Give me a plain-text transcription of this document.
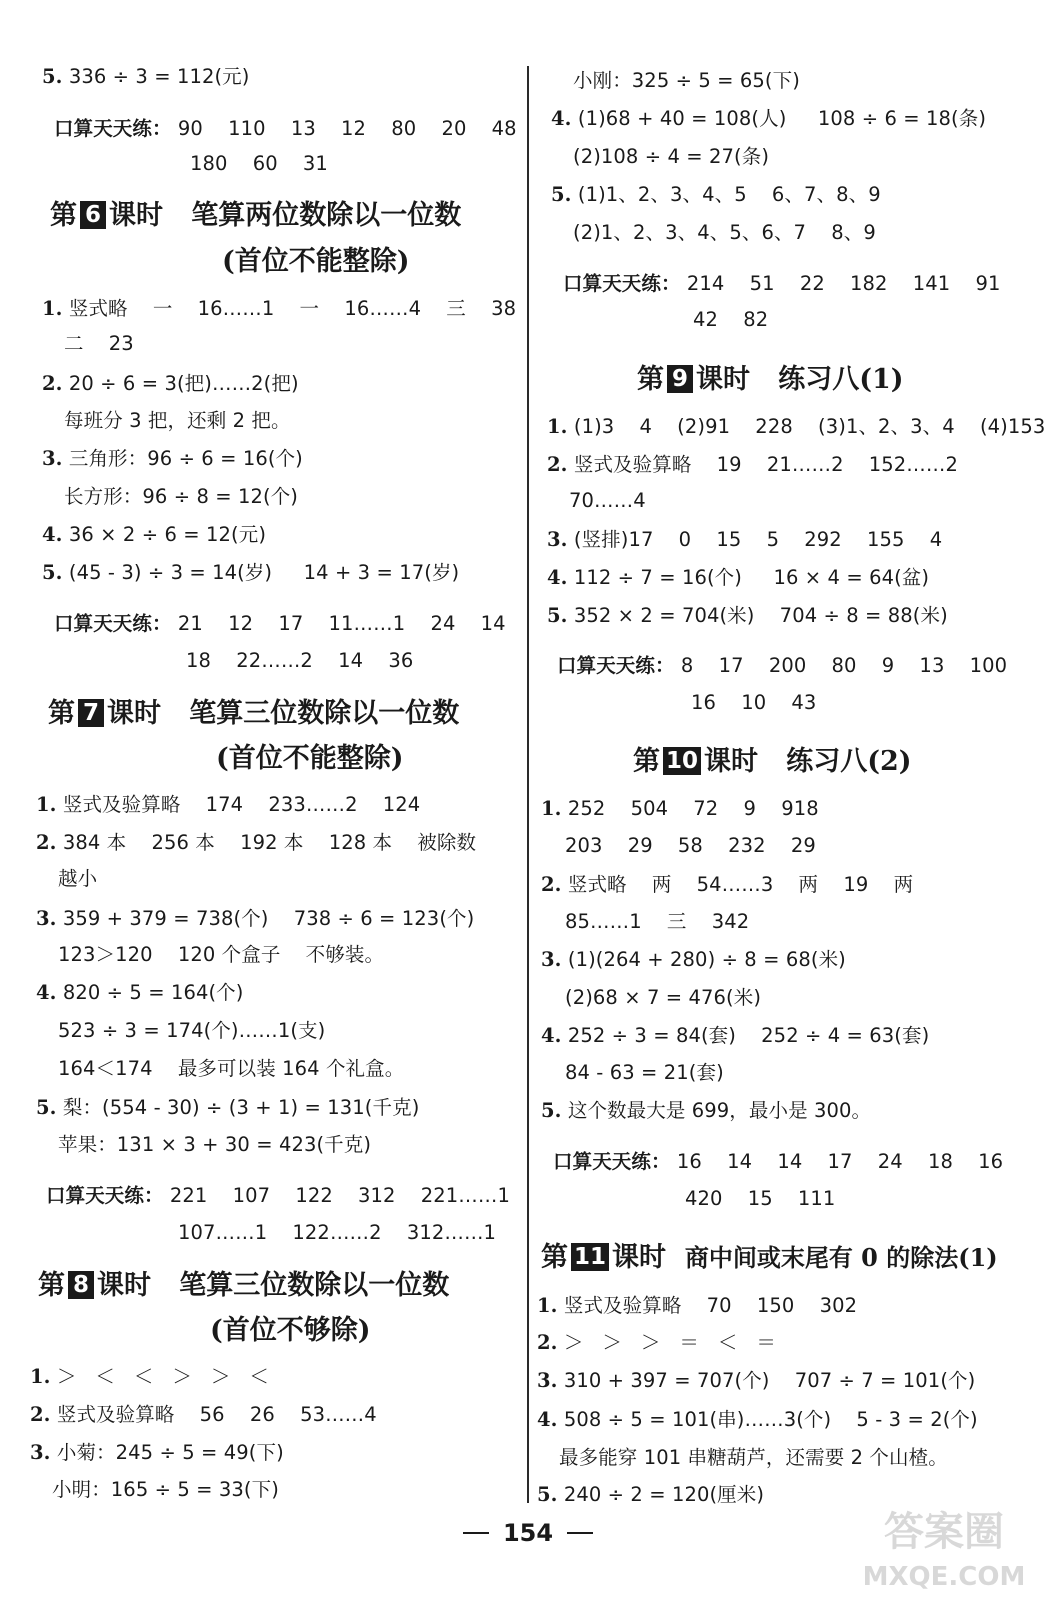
5. 336 ÷ 3 = 112(元)
口算天天练： 90    110    13    12    80    20    48
180    60    31
第 6 课时 笔算两位数除以一位数
(首位不能整除)
1. 竖式略    一    16……1    一    16……4    三    38
二    23
2. 20 ÷ 6 = 3(把)……2(把)
每班分 3 把，还剩 2 把。
3. 三角形：96 ÷ 6 = 16(个)
长方形：96 ÷ 8 = 12(个)
4. 36 × 2 ÷ 6 = 12(元)
5. (45 - 3) ÷ 3 = 14(岁)     14 + 3 = 17(岁)
口算天天练： 21    12    17    11……1    24    14
18    22……2    14    36
第 7 课时 笔算三位数除以一位数
(首位不能整除)
1. 竖式及验算略    174    233……2    124
2. 384 本    256 本    192 本    128 本    被除数
越小
3. 359 + 379 = 738(个)    738 ÷ 6 = 123(个)
123＞120    120 个盒子    不够装。
4. 820 ÷ 5 = 164(个)
523 ÷ 3 = 174(个)……1(支)
164＜174    最多可以装 164 个礼盒。
5. 梨：(554 - 30) ÷ (3 + 1) = 131(千克)
苹果：131 × 3 + 30 = 423(千克)
口算天天练： 221    107    122    312    221……1
107……1    122……2    312……1
第 8 课时 笔算三位数除以一位数
(首位不够除)
1. ＞   ＜   ＜   ＞   ＞   ＜
2. 竖式及验算略    56    26    53……4
3. 小菊：245 ÷ 5 = 49(下)
小明：165 ÷ 5 = 33(下)
小刚：325 ÷ 5 = 65(下)
4. (1)68 + 40 = 108(人)     108 ÷ 6 = 18(条)
(2)108 ÷ 4 = 27(条)
5. (1)1、2、3、4、5    6、7、8、9
(2)1、2、3、4、5、6、7    8、9
口算天天练： 214    51    22    182    141    91
42    82
第 9 课时 练习八(1)
1. (1)3    4    (2)91    228    (3)1、2、3、4    (4)153
2. 竖式及验算略    19    21……2    152……2
70……4
3. (竖排)17    0    15    5    292    155    4
4. 112 ÷ 7 = 16(个)     16 × 4 = 64(盆)
5. 352 × 2 = 704(米)    704 ÷ 8 = 88(米)
口算天天练： 8    17    200    80    9    13    100
16    10    43
第 10 课时 练习八(2)
1. 252    504    72    9    918
203    29    58    232    29
2. 竖式略    两    54……3    两    19    两
85……1    三    342
3. (1)(264 + 280) ÷ 8 = 68(米)
(2)68 × 7 = 476(米)
4. 252 ÷ 3 = 84(套)    252 ÷ 4 = 63(套)
84 - 63 = 21(套)
5. 这个数最大是 699，最小是 300。
口算天天练： 16    14    14    17    24    18    16
420    15    111
第 11 课时 商中间或末尾有 0 的除法(1)
1. 竖式及验算略    70    150    302
2. ＞   ＞   ＞   ＝   ＜   ＝
3. 310 + 397 = 707(个)    707 ÷ 7 = 101(个)
4. 508 ÷ 5 = 101(串)……3(个)    5 - 3 = 2(个)
最多能穿 101 串糖葫芦，还需要 2 个山楂。
5. 240 ÷ 2 = 120(厘米)
154	答案圈
MXQE.COM
